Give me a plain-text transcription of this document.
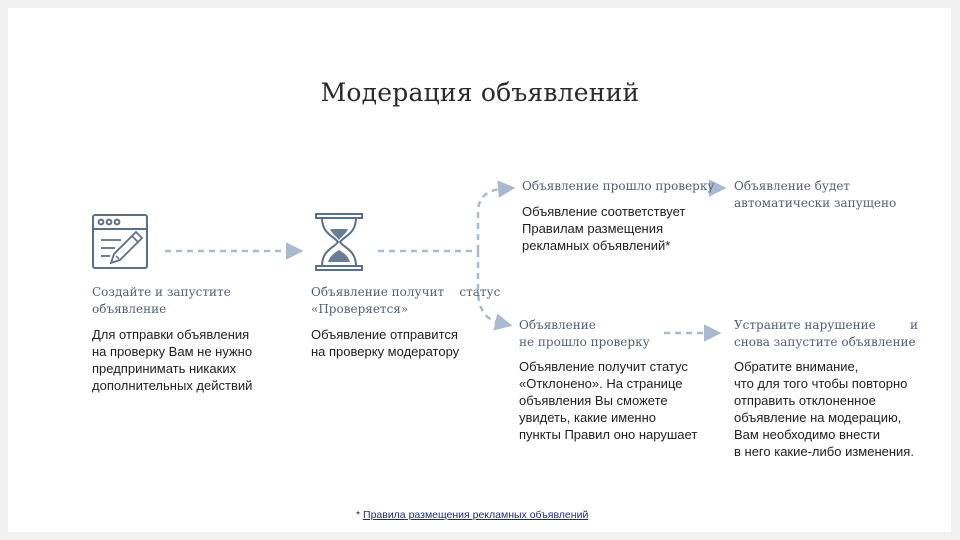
Модерация объявлений
Создайте и запустите
объявление
Для отправки объявления
на проверку Вам не нужно
предпринимать никаких
дополнительных действий
Объявление получит    статус
«Проверяется»
Объявление отправится
на проверку модератору
Объявление прошло проверку
Объявление соответствует
Правилам размещения
рекламных объявлений*
Объявление будет
автоматически запущено
Объявление
не прошло проверку
Объявление получит статус
«Отклонено». На странице
объявления Вы сможете
увидеть, какие именно
пункты Правил оно нарушает
Устраните нарушение         и
снова запустите объявление
Обратите внимание,
что для того чтобы повторно
отправить отклоненное
объявление на модерацию,
Вам необходимо внести
в него какие-либо изменения.
* Правила размещения рекламных объявлений
